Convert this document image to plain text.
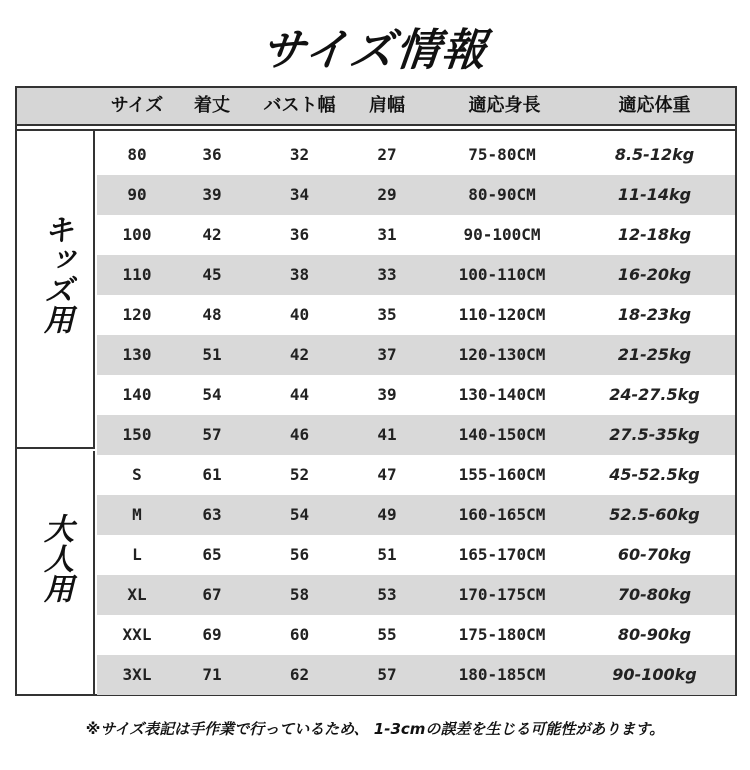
サイズ情報
サイズ	着丈	バスト幅	肩幅	適応身長	適応体重
キッズ用
大人用
80	36	32	27	75-80CM	8.5-12kg
90	39	34	29	80-90CM	11-14kg
100	42	36	31	90-100CM	12-18kg
110	45	38	33	100-110CM	16-20kg
120	48	40	35	110-120CM	18-23kg
130	51	42	37	120-130CM	21-25kg
140	54	44	39	130-140CM	24-27.5kg
150	57	46	41	140-150CM	27.5-35kg
S	61	52	47	155-160CM	45-52.5kg
M	63	54	49	160-165CM	52.5-60kg
L	65	56	51	165-170CM	60-70kg
XL	67	58	53	170-175CM	70-80kg
XXL	69	60	55	175-180CM	80-90kg
3XL	71	62	57	180-185CM	90-100kg
※サイズ表記は手作業で行っているため、 1-3cmの誤差を生じる可能性があります。
